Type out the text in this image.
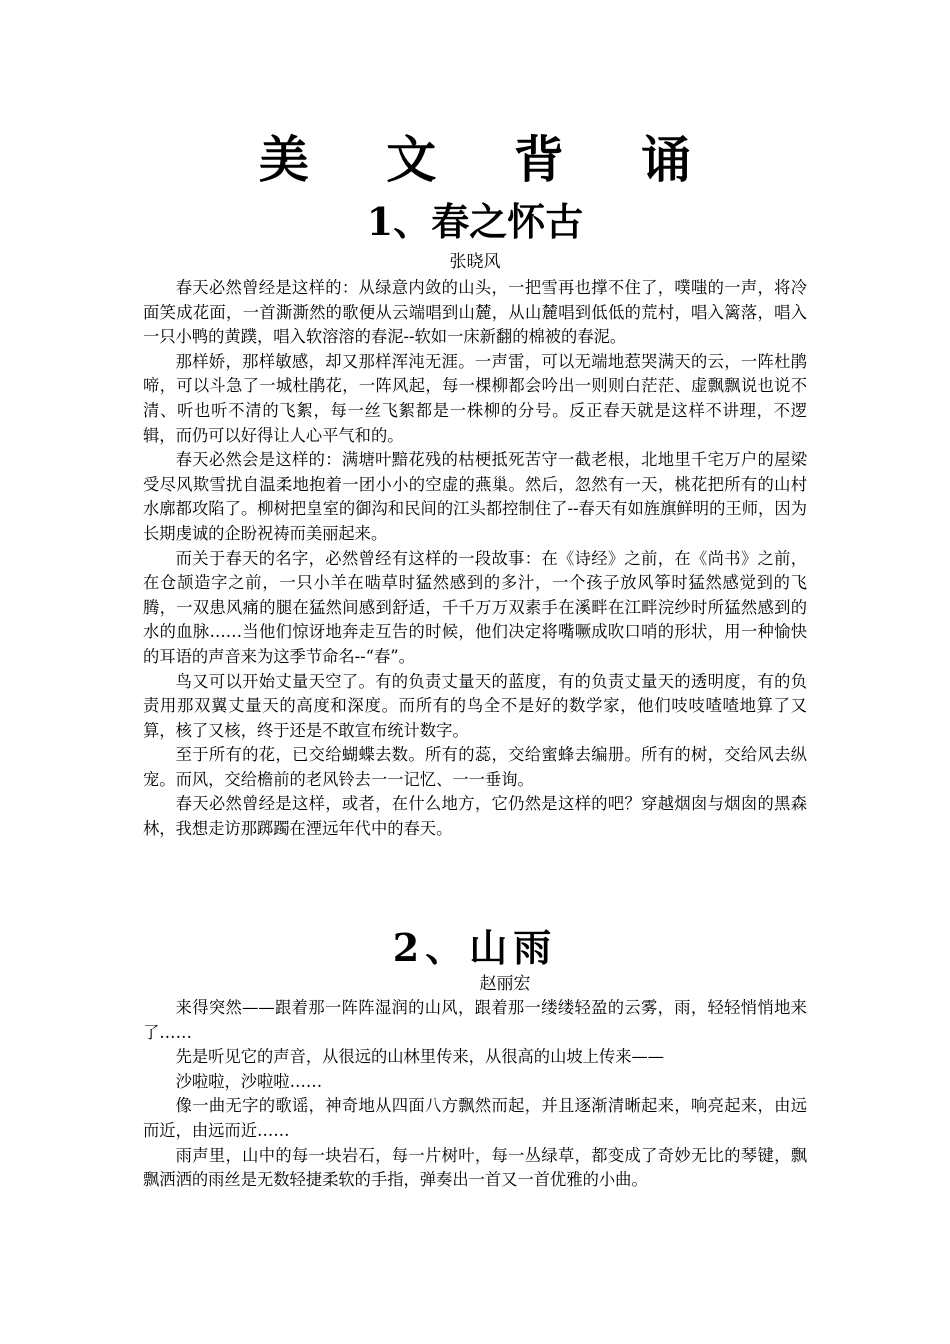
美 文 背 诵
1、春之怀古
张晓风

春天必然曾经是这样的：从绿意内敛的山头，一把雪再也撑不住了，噗嗤的一声，将冷面笑成花面，一首澌澌然的歌便从云端唱到山麓，从山麓唱到低低的荒村，唱入篱落，唱入一只小鸭的黄蹼，唱入软溶溶的春泥--软如一床新翻的棉被的春泥。

那样娇，那样敏感，却又那样浑沌无涯。一声雷，可以无端地惹哭满天的云，一阵杜鹃啼，可以斗急了一城杜鹃花，一阵风起，每一棵柳都会吟出一则则白茫茫、虚飘飘说也说不清、听也听不清的飞絮，每一丝飞絮都是一株柳的分号。反正春天就是这样不讲理，不逻辑，而仍可以好得让人心平气和的。

春天必然会是这样的：满塘叶黯花残的枯梗抵死苦守一截老根，北地里千宅万户的屋梁受尽风欺雪扰自温柔地抱着一团小小的空虚的燕巢。然后，忽然有一天，桃花把所有的山村水廓都攻陷了。柳树把皇室的御沟和民间的江头都控制住了--春天有如旌旗鲜明的王师，因为长期虔诚的企盼祝祷而美丽起来。

而关于春天的名字，必然曾经有这样的一段故事：在《诗经》之前，在《尚书》之前，在仓颉造字之前，一只小羊在啮草时猛然感到的多汁，一个孩子放风筝时猛然感觉到的飞腾，一双患风痛的腿在猛然间感到舒适，千千万万双素手在溪畔在江畔浣纱时所猛然感到的水的血脉……当他们惊讶地奔走互告的时候，他们决定将嘴噘成吹口哨的形状，用一种愉快的耳语的声音来为这季节命名--“春”。

鸟又可以开始丈量天空了。有的负责丈量天的蓝度，有的负责丈量天的透明度，有的负责用那双翼丈量天的高度和深度。而所有的鸟全不是好的数学家，他们吱吱喳喳地算了又算，核了又核，终于还是不敢宣布统计数字。

至于所有的花，已交给蝴蝶去数。所有的蕊，交给蜜蜂去编册。所有的树，交给风去纵宠。而风，交给檐前的老风铃去一一记忆、一一垂询。

春天必然曾经是这样，或者，在什么地方，它仍然是这样的吧？穿越烟囱与烟囱的黑森林，我想走访那踯躅在湮远年代中的春天。

2、山雨
赵丽宏

来得突然——跟着那一阵阵湿润的山风，跟着那一缕缕轻盈的云雾，雨，轻轻悄悄地来了……

先是听见它的声音，从很远的山林里传来，从很高的山坡上传来——

沙啦啦，沙啦啦……

像一曲无字的歌谣，神奇地从四面八方飘然而起，并且逐渐清晰起来，响亮起来，由远而近，由远而近……

雨声里，山中的每一块岩石，每一片树叶，每一丛绿草，都变成了奇妙无比的琴键，飘飘洒洒的雨丝是无数轻捷柔软的手指，弹奏出一首又一首优雅的小曲。
